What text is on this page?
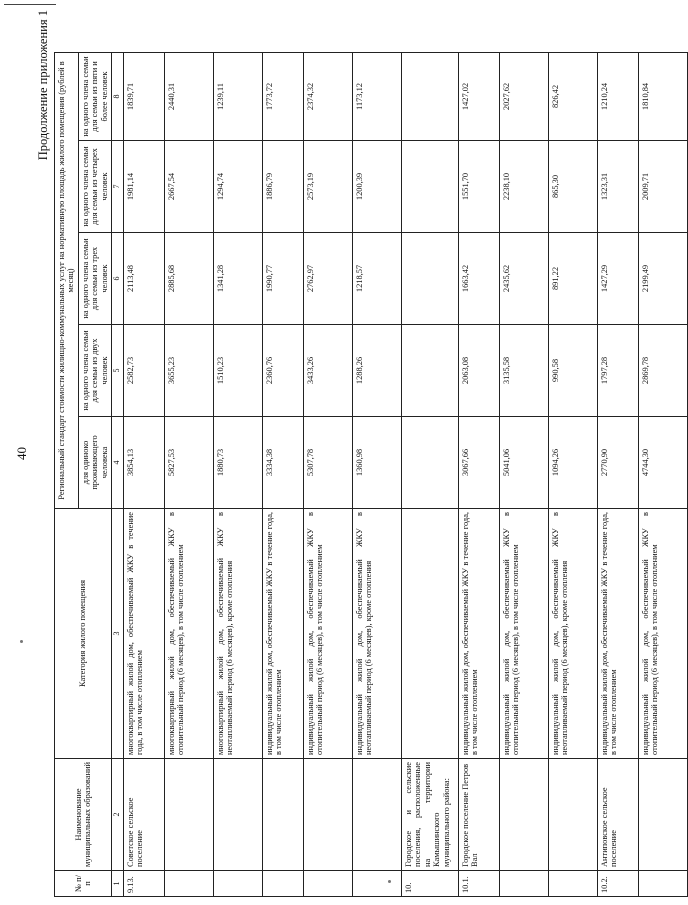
40
Продолжение приложения 1
№ п/п	Наименование муниципальных образований	Категория жилого помещения	Региональный стандарт стоимости жилищно-коммунальных услуг на нормативную площадь жилого помещения (рублей в месяц)				
			для одиноко проживающего человека	на одного члена семьи для семьи из двух человек	на одного члена семьи для семьи из трех человек	на одного члена семьи для семьи из четырех человек	на одного члена семьи для семьи из пяти и более человек
1	2	3	4	5	6	7	8
9.13.	Советское сельское поселение	многоквартирный жилой дом, обеспечиваемый ЖКУ в течение года, в том числе отоплением	3854,13	2582,73	2113,48	1981,14	1839,71
		многоквартирный жилой дом, обеспечиваемый ЖКУ в отопительный период (6 месяцев), в том числе отоплением	5827,53	3655,23	2885,68	2667,54	2440,31
		многоквартирный жилой дом, обеспечиваемый ЖКУ в неотапливаемый период (6 месяцев), кроме отопления	1880,73	1510,23	1341,28	1294,74	1239,11
		индивидуальный жилой дом, обеспечиваемый ЖКУ в течение года, в том числе отоплением	3334,38	2360,76	1990,77	1886,79	1773,72
		индивидуальный жилой дом, обеспечиваемый ЖКУ в отопительный период (6 месяцев), в том числе отоплением	5307,78	3433,26	2762,97	2573,19	2374,32
		индивидуальный жилой дом, обеспечиваемый ЖКУ в неотапливаемый период (6 месяцев), кроме отопления	1360,98	1288,26	1218,57	1200,39	1173,12
10.	Городское и сельские поселения, расположенные на территории Камышинского муниципального района:						
10.1.	Городское поселение Петров Вал	индивидуальный жилой дом, обеспечиваемый ЖКУ в течение года, в том числе отоплением	3067,66	2063,08	1663,42	1551,70	1427,02
		индивидуальный жилой дом, обеспечиваемый ЖКУ в отопительный период (6 месяцев), в том числе отоплением	5041,06	3135,58	2435,62	2238,10	2027,62
		индивидуальный жилой дом, обеспечиваемый ЖКУ в неотапливаемый период (6 месяцев), кроме отопления	1094,26	990,58	891,22	865,30	826,42
10.2.	Антиповское сельское поселение	индивидуальный жилой дом, обеспечиваемый ЖКУ в течение года, в том числе отоплением	2770,90	1797,28	1427,29	1323,31	1210,24
		индивидуальный жилой дом, обеспечиваемый ЖКУ в отопительный период (6 месяцев), в том числе отоплением	4744,30	2869,78	2199,49	2009,71	1810,84
